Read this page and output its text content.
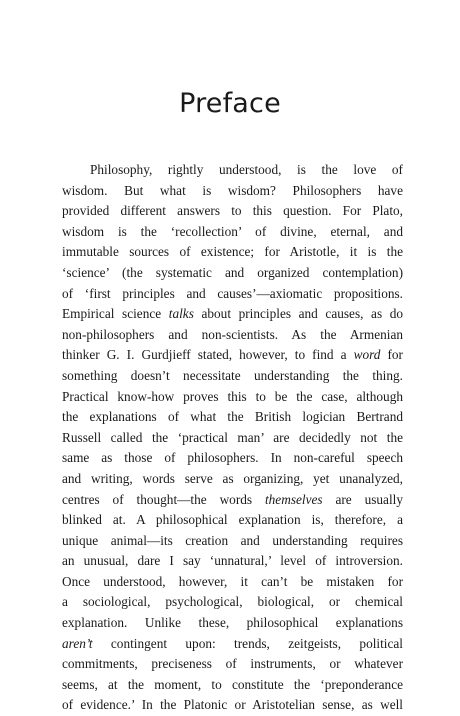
Preface
Philosophy, rightly understood, is the love of
wisdom. But what is wisdom? Philosophers have
provided different answers to this question. For Plato,
wisdom is the ‘recollection’ of divine, eternal, and
immutable sources of existence; for Aristotle, it is the
‘science’ (the systematic and organized contemplation)
of ‘first principles and causes’—axiomatic propositions.
Empirical science talks about principles and causes, as do
non-philosophers and non-scientists. As the Armenian
thinker G. I. Gurdjieff stated, however, to find a word for
something doesn’t necessitate understanding the thing.
Practical know-how proves this to be the case, although
the explanations of what the British logician Bertrand
Russell called the ‘practical man’ are decidedly not the
same as those of philosophers. In non-careful speech
and writing, words serve as organizing, yet unanalyzed,
centres of thought—the words themselves are usually
blinked at. A philosophical explanation is, therefore, a
unique animal—its creation and understanding requires
an unusual, dare I say ‘unnatural,’ level of introversion.
Once understood, however, it can’t be mistaken for
a sociological, psychological, biological, or chemical
explanation. Unlike these, philosophical explanations
aren’t contingent upon: trends, zeitgeists, political
commitments, preciseness of instruments, or whatever
seems, at the moment, to constitute the ‘preponderance
of evidence.’ In the Platonic or Aristotelian sense, as well
